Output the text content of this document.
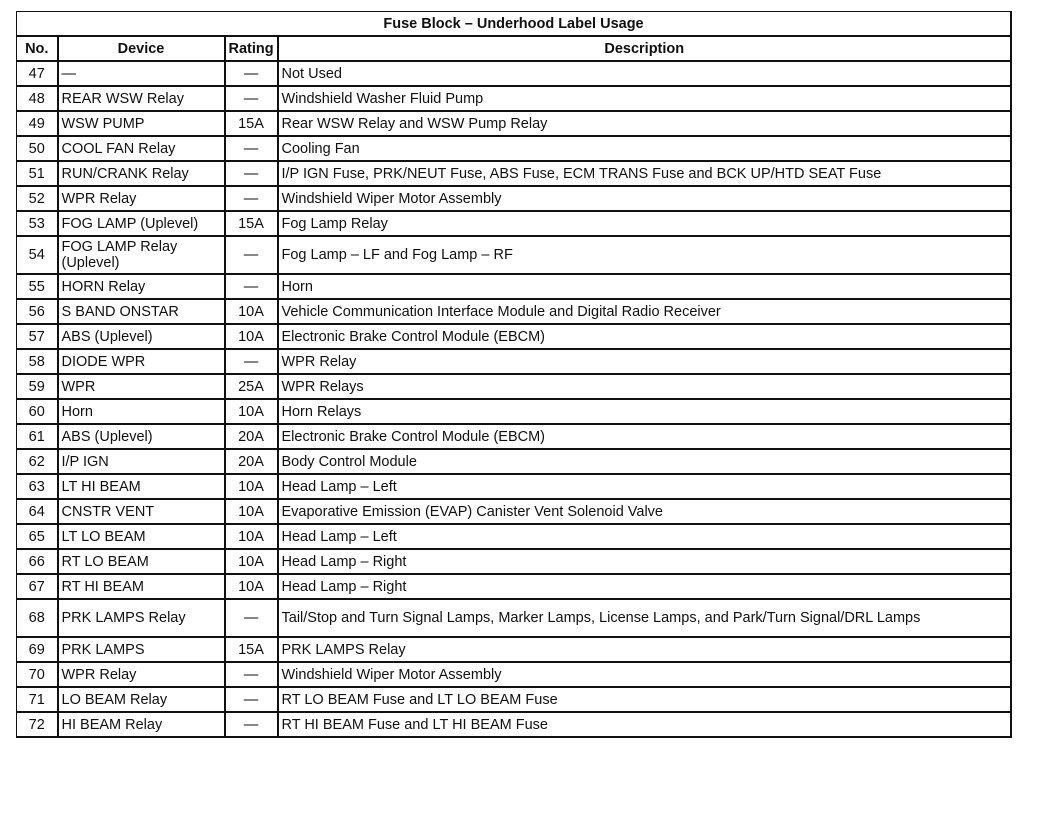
Fuse Block – Underhood Label Usage			
No.	Device	Rating	Description
47	—	—	Not Used
48	REAR WSW Relay	—	Windshield Washer Fluid Pump
49	WSW PUMP	15A	Rear WSW Relay and WSW Pump Relay
50	COOL FAN Relay	—	Cooling Fan
51	RUN/CRANK Relay	—	I/P IGN Fuse, PRK/NEUT Fuse, ABS Fuse, ECM TRANS Fuse and BCK UP/HTD SEAT Fuse
52	WPR Relay	—	Windshield Wiper Motor Assembly
53	FOG LAMP (Uplevel)	15A	Fog Lamp Relay
54	FOG LAMP Relay (Uplevel)	—	Fog Lamp – LF and Fog Lamp – RF
55	HORN Relay	—	Horn
56	S BAND ONSTAR	10A	Vehicle Communication Interface Module and Digital Radio Receiver
57	ABS (Uplevel)	10A	Electronic Brake Control Module (EBCM)
58	DIODE WPR	—	WPR Relay
59	WPR	25A	WPR Relays
60	Horn	10A	Horn Relays
61	ABS (Uplevel)	20A	Electronic Brake Control Module (EBCM)
62	I/P IGN	20A	Body Control Module
63	LT HI BEAM	10A	Head Lamp – Left
64	CNSTR VENT	10A	Evaporative Emission (EVAP) Canister Vent Solenoid Valve
65	LT LO BEAM	10A	Head Lamp – Left
66	RT LO BEAM	10A	Head Lamp – Right
67	RT HI BEAM	10A	Head Lamp – Right
68	PRK LAMPS Relay	—	Tail/Stop and Turn Signal Lamps, Marker Lamps, License Lamps, and Park/Turn Signal/DRL Lamps
69	PRK LAMPS	15A	PRK LAMPS Relay
70	WPR Relay	—	Windshield Wiper Motor Assembly
71	LO BEAM Relay	—	RT LO BEAM Fuse and LT LO BEAM Fuse
72	HI BEAM Relay	—	RT HI BEAM Fuse and LT HI BEAM Fuse
